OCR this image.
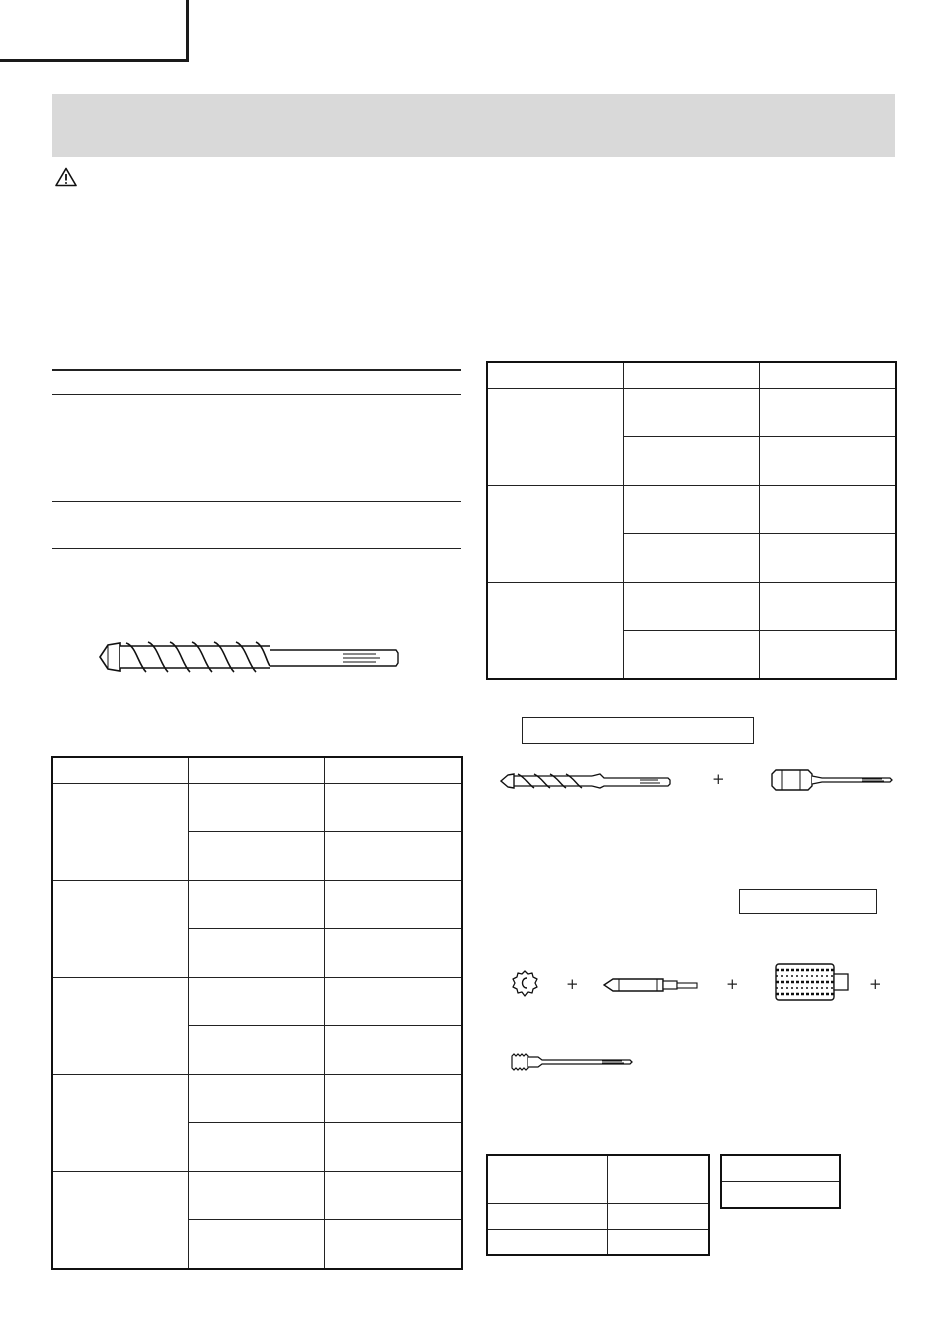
+
+	+	+
